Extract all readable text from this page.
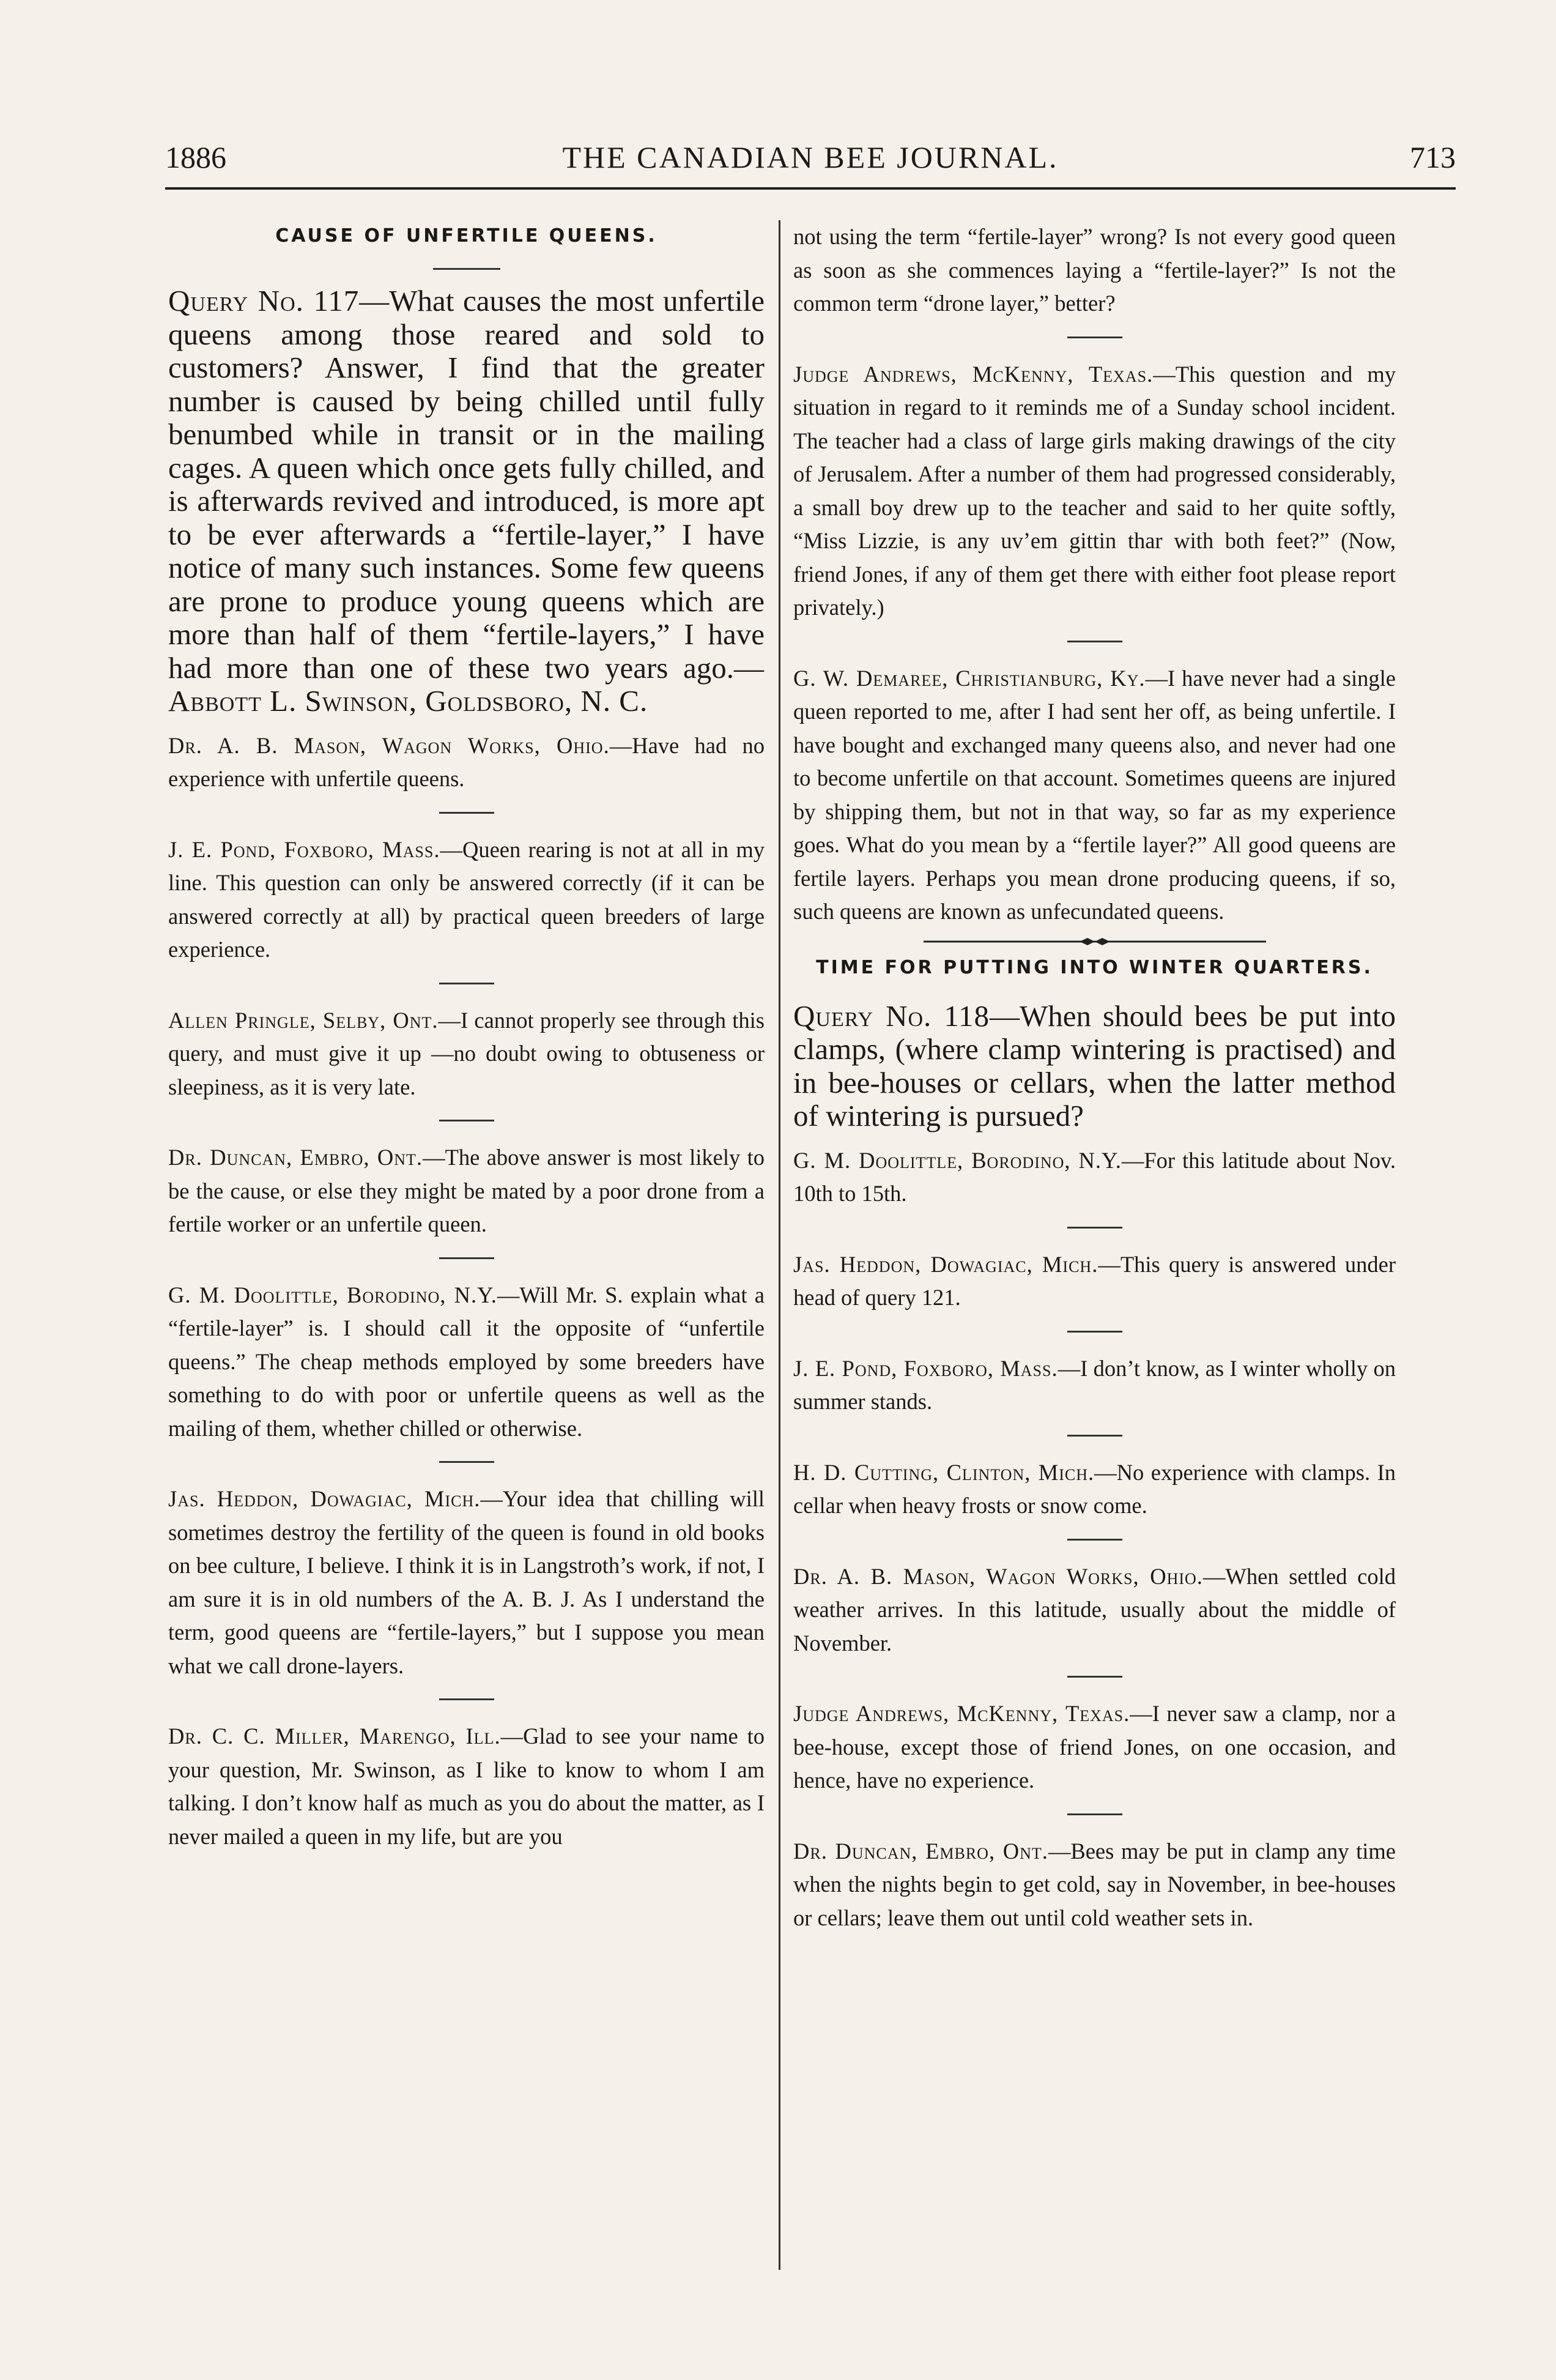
1886	THE CANADIAN BEE JOURNAL.	713
CAUSE OF UNFERTILE QUEENS.

Query No. 117—What causes the most unfertile queens among those reared and sold to customers? Answer, I find that the greater number is caused by being chilled until fully benumbed while in transit or in the mailing cages. A queen which once gets fully chilled, and is afterwards revived and introduced, is more apt to be ever afterwards a “fertile-layer,” I have notice of many such instances. Some few queens are prone to produce young queens which are more than half of them “fertile-layers,” I have had more than one of these two years ago.—Abbott L. Swinson, Goldsboro, N. C.

Dr. A. B. Mason, Wagon Works, Ohio.—Have had no experience with unfertile queens.

J. E. Pond, Foxboro, Mass.—Queen rearing is not at all in my line. This question can only be answered correctly (if it can be answered correctly at all) by practical queen breeders of large experience.

Allen Pringle, Selby, Ont.—I cannot properly see through this query, and must give it up —no doubt owing to obtuseness or sleepiness, as it is very late.

Dr. Duncan, Embro, Ont.—The above answer is most likely to be the cause, or else they might be mated by a poor drone from a fertile worker or an unfertile queen.

G. M. Doolittle, Borodino, N.Y.—Will Mr. S. explain what a “fertile-layer” is. I should call it the opposite of “unfertile queens.” The cheap methods employed by some breeders have something to do with poor or unfertile queens as well as the mailing of them, whether chilled or otherwise.

Jas. Heddon, Dowagiac, Mich.—Your idea that chilling will sometimes destroy the fertility of the queen is found in old books on bee culture, I believe. I think it is in Langstroth’s work, if not, I am sure it is in old numbers of the A. B. J. As I understand the term, good queens are “fertile-layers,” but I suppose you mean what we call drone-layers.

Dr. C. C. Miller, Marengo, Ill.—Glad to see your name to your question, Mr. Swinson, as I like to know to whom I am talking. I don’t know half as much as you do about the matter, as I never mailed a queen in my life, but are you

not using the term “fertile-layer” wrong? Is not every good queen as soon as she commences laying a “fertile-layer?” Is not the common term “drone layer,” better?

Judge Andrews, McKenny, Texas.—This question and my situation in regard to it reminds me of a Sunday school incident. The teacher had a class of large girls making drawings of the city of Jerusalem. After a number of them had progressed considerably, a small boy drew up to the teacher and said to her quite softly, “Miss Lizzie, is any uv’em gittin thar with both feet?” (Now, friend Jones, if any of them get there with either foot please report privately.)

G. W. Demaree, Christianburg, Ky.—I have never had a single queen reported to me, after I had sent her off, as being unfertile. I have bought and exchanged many queens also, and never had one to become unfertile on that account. Sometimes queens are injured by shipping them, but not in that way, so far as my experience goes. What do you mean by a “fertile layer?” All good queens are fertile layers. Perhaps you mean drone producing queens, if so, such queens are known as unfecundated queens.

TIME FOR PUTTING INTO WINTER QUARTERS.

Query No. 118—When should bees be put into clamps, (where clamp wintering is practised) and in bee-houses or cellars, when the latter method of wintering is pursued?

G. M. Doolittle, Borodino, N.Y.—For this latitude about Nov. 10th to 15th.

Jas. Heddon, Dowagiac, Mich.—This query is answered under head of query 121.

J. E. Pond, Foxboro, Mass.—I don’t know, as I winter wholly on summer stands.

H. D. Cutting, Clinton, Mich.—No experience with clamps. In cellar when heavy frosts or snow come.

Dr. A. B. Mason, Wagon Works, Ohio.—When settled cold weather arrives. In this latitude, usually about the middle of November.

Judge Andrews, McKenny, Texas.—I never saw a clamp, nor a bee-house, except those of friend Jones, on one occasion, and hence, have no experience.

Dr. Duncan, Embro, Ont.—Bees may be put in clamp any time when the nights begin to get cold, say in November, in bee-houses or cellars; leave them out until cold weather sets in.
